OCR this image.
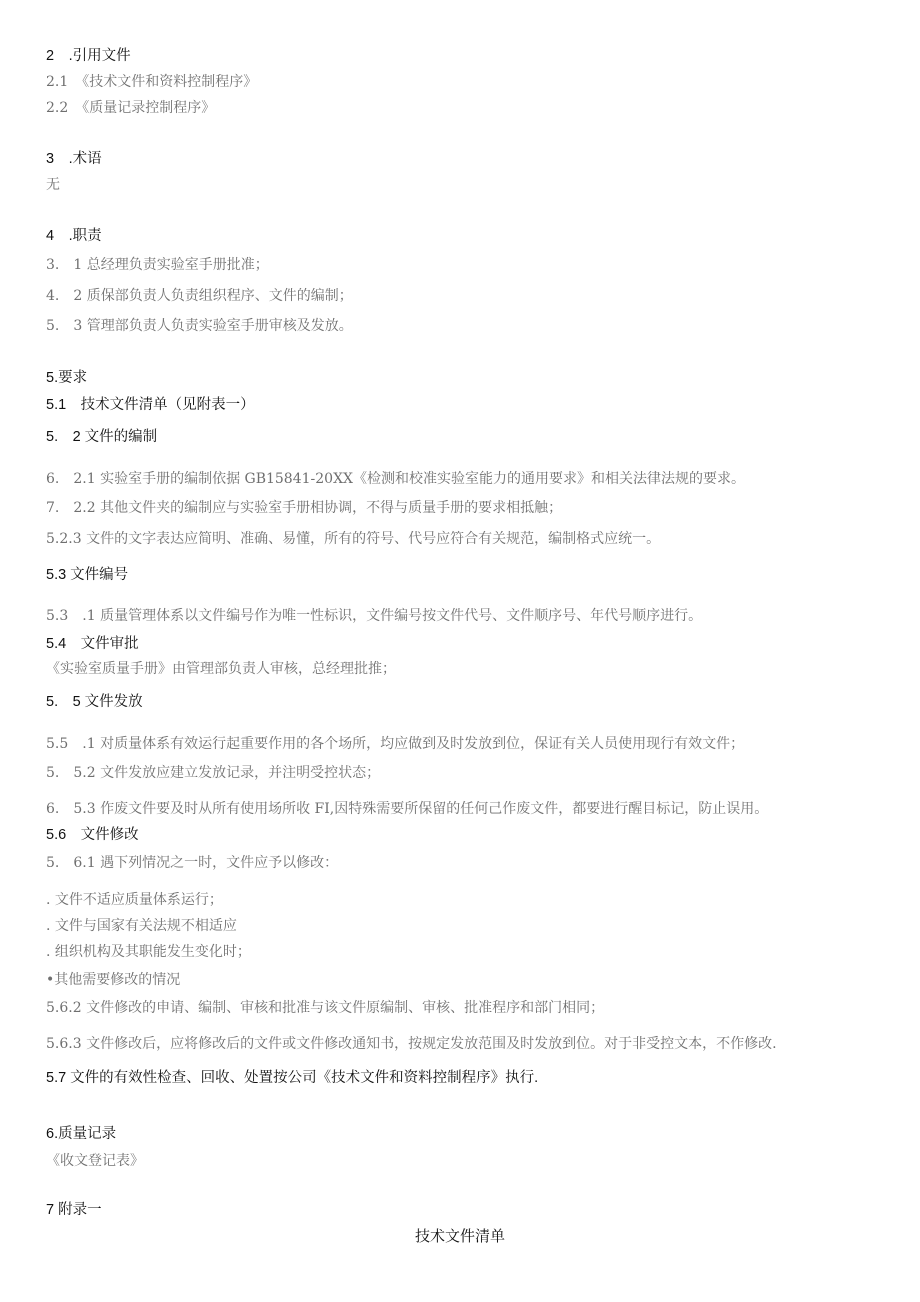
2　.引用文件
2.1　《技术文件和资料控制程序》
2.2　《质量记录控制程序》
3　.术语
无
4　.职责
3.　1 总经理负责实验室手册批准；
4.　2 质保部负责人负责组织程序、文件的编制；
5.　3 管理部负责人负责实验室手册审核及发放。
5.要求
5.1　技术文件清单（见附表一）
5.　2 文件的编制
6.　2.1 实验室手册的编制依据 GB15841-20XX《检测和校准实验室能力的通用要求》和相关法律法规的要求。
7.　2.2 其他文件夹的编制应与实验室手册相协调，不得与质量手册的要求相抵触；
5.2.3 文件的文字表达应简明、准确、易懂，所有的符号、代号应符合有关规范，编制格式应统一。
5.3 文件编号
5.3　.1 质量管理体系以文件编号作为唯一性标识，文件编号按文件代号、文件顺序号、年代号顺序进行。
5.4　文件审批
《实验室质量手册》由管理部负责人审核，总经理批推；
5.　5 文件发放
5.5　.1 对质量体系有效运行起重要作用的各个场所，均应做到及时发放到位，保证有关人员使用现行有效文件；
5.　5.2 文件发放应建立发放记录，并注明受控状态；
6.　5.3 作废文件要及时从所有使用场所收 FI,因特殊需要所保留的任何己作废文件，都要进行醒目标记，防止误用。
5.6　文件修改
5.　6.1 遇下列情况之一时，文件应予以修改：
. 文件不适应质量体系运行；
. 文件与国家有关法规不相适应
. 组织机构及其职能发生变化时；
•其他需要修改的情况
5.6.2 文件修改的申请、编制、审核和批准与该文件原编制、审核、批准程序和部门相同；
5.6.3 文件修改后，应将修改后的文件或文件修改通知书，按规定发放范围及时发放到位。对于非受控文本，不作修改.
5.7 文件的有效性检查、回收、处置按公司《技术文件和资料控制程序》执行.
6.质量记录
《收文登记表》
7 附录一
技术文件清单
